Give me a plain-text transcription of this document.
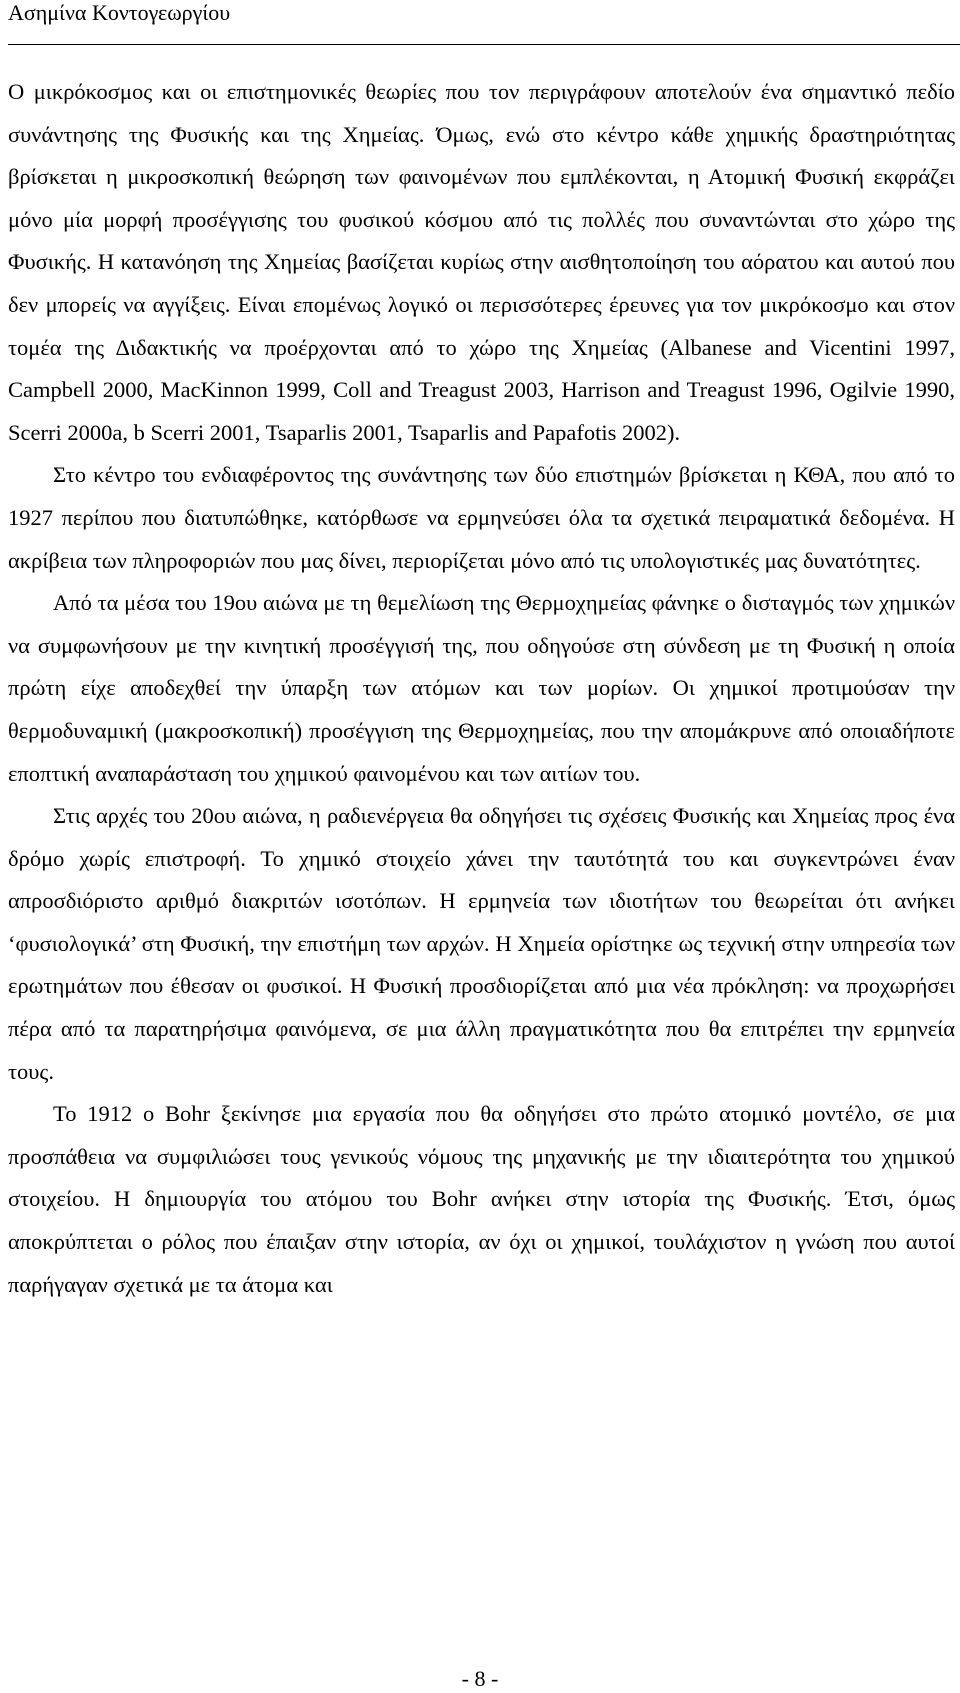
Ασημίνα Κοντογεωργίου

Ο μικρόκοσμος και οι επιστημονικές θεωρίες που τον περιγράφουν αποτελούν ένα σημαντικό πεδίο συνάντησης της Φυσικής και της Χημείας. Όμως, ενώ στο κέντρο κάθε χημικής δραστηριότητας βρίσκεται η μικροσκοπική θεώρηση των φαινομένων που εμπλέκονται, η Ατομική Φυσική εκφράζει μόνο μία μορφή προσέγγισης του φυσικού κόσμου από τις πολλές που συναντώνται στο χώρο της Φυσικής. Η κατανόηση της Χημείας βασίζεται κυρίως στην αισθητοποίηση του αόρατου και αυτού που δεν μπορείς να αγγίξεις. Είναι επομένως λογικό οι περισσότερες έρευνες για τον μικρόκοσμο και στον τομέα της Διδακτικής να προέρχονται από το χώρο της Χημείας (Albanese and Vicentini 1997, Campbell 2000, MacKinnon 1999, Coll and Treagust 2003, Harrison and Treagust 1996, Ogilvie 1990, Scerri 2000a, b Scerri 2001, Tsaparlis 2001, Tsaparlis and Papafotis 2002).

Στο κέντρο του ενδιαφέροντος της συνάντησης των δύο επιστημών βρίσκεται η ΚΘΑ, που από το 1927 περίπου που διατυπώθηκε, κατόρθωσε να ερμηνεύσει όλα τα σχετικά πειραματικά δεδομένα. Η ακρίβεια των πληροφοριών που μας δίνει, περιορίζεται μόνο από τις υπολογιστικές μας δυνατότητες.

Από τα μέσα του 19ου αιώνα με τη θεμελίωση της Θερμοχημείας φάνηκε ο δισταγμός των χημικών να συμφωνήσουν με την κινητική προσέγγισή της, που οδηγούσε στη σύνδεση με τη Φυσική η οποία πρώτη είχε αποδεχθεί την ύπαρξη των ατόμων και των μορίων. Οι χημικοί προτιμούσαν την θερμοδυναμική (μακροσκοπική) προσέγγιση της Θερμοχημείας, που την απομάκρυνε από οποιαδήποτε εποπτική αναπαράσταση του χημικού φαινομένου και των αιτίων του.

Στις αρχές του 20ου αιώνα, η ραδιενέργεια θα οδηγήσει τις σχέσεις Φυσικής και Χημείας προς ένα δρόμο χωρίς επιστροφή. Το χημικό στοιχείο χάνει την ταυτότητά του και συγκεντρώνει έναν απροσδιόριστο αριθμό διακριτών ισοτόπων. Η ερμηνεία των ιδιοτήτων του θεωρείται ότι ανήκει ‘φυσιολογικά’ στη Φυσική, την επιστήμη των αρχών. Η Χημεία ορίστηκε ως τεχνική στην υπηρεσία των ερωτημάτων που έθεσαν οι φυσικοί. Η Φυσική προσδιορίζεται από μια νέα πρόκληση: να προχωρήσει πέρα από τα παρατηρήσιμα φαινόμενα, σε μια άλλη πραγματικότητα που θα επιτρέπει την ερμηνεία τους.

Το 1912 ο Bohr ξεκίνησε μια εργασία που θα οδηγήσει στο πρώτο ατομικό μοντέλο, σε μια προσπάθεια να συμφιλιώσει τους γενικούς νόμους της μηχανικής με την ιδιαιτερότητα του χημικού στοιχείου. Η δημιουργία του ατόμου του Bohr ανήκει στην ιστορία της Φυσικής. Έτσι, όμως αποκρύπτεται ο ρόλος που έπαιξαν στην ιστορία, αν όχι οι χημικοί, τουλάχιστον η γνώση που αυτοί παρήγαγαν σχετικά με τα άτομα και

- 8 -
